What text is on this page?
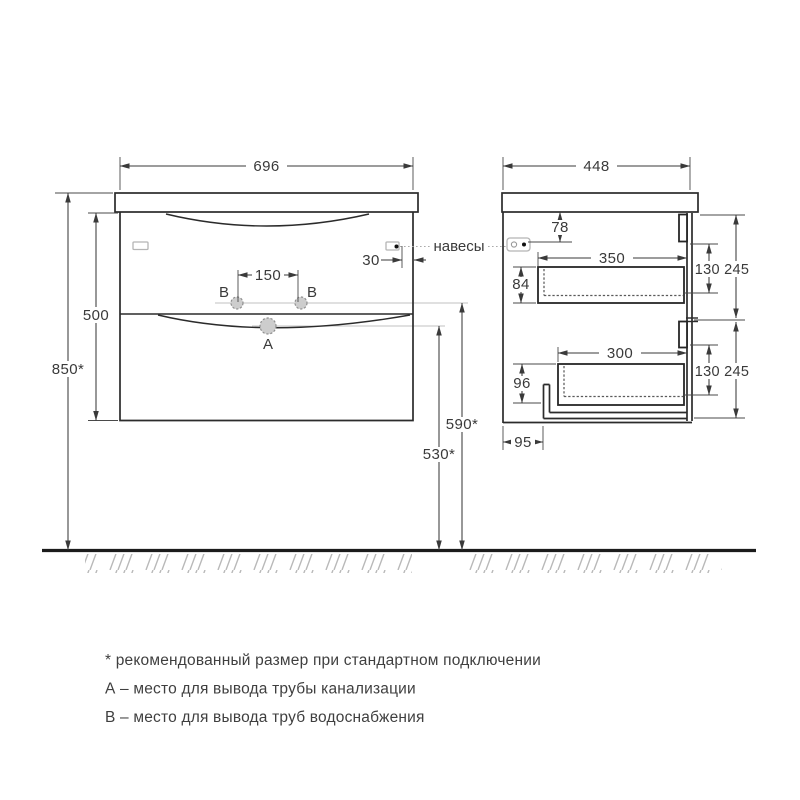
B	B
А
696
500
850*
150
30
590*
530*
навесы
448
78
350
84
130 245
300
96
130 245
95
* рекомендованный размер при стандартном подключении
А – место для вывода трубы канализации
В – место для вывода труб водоснабжения
